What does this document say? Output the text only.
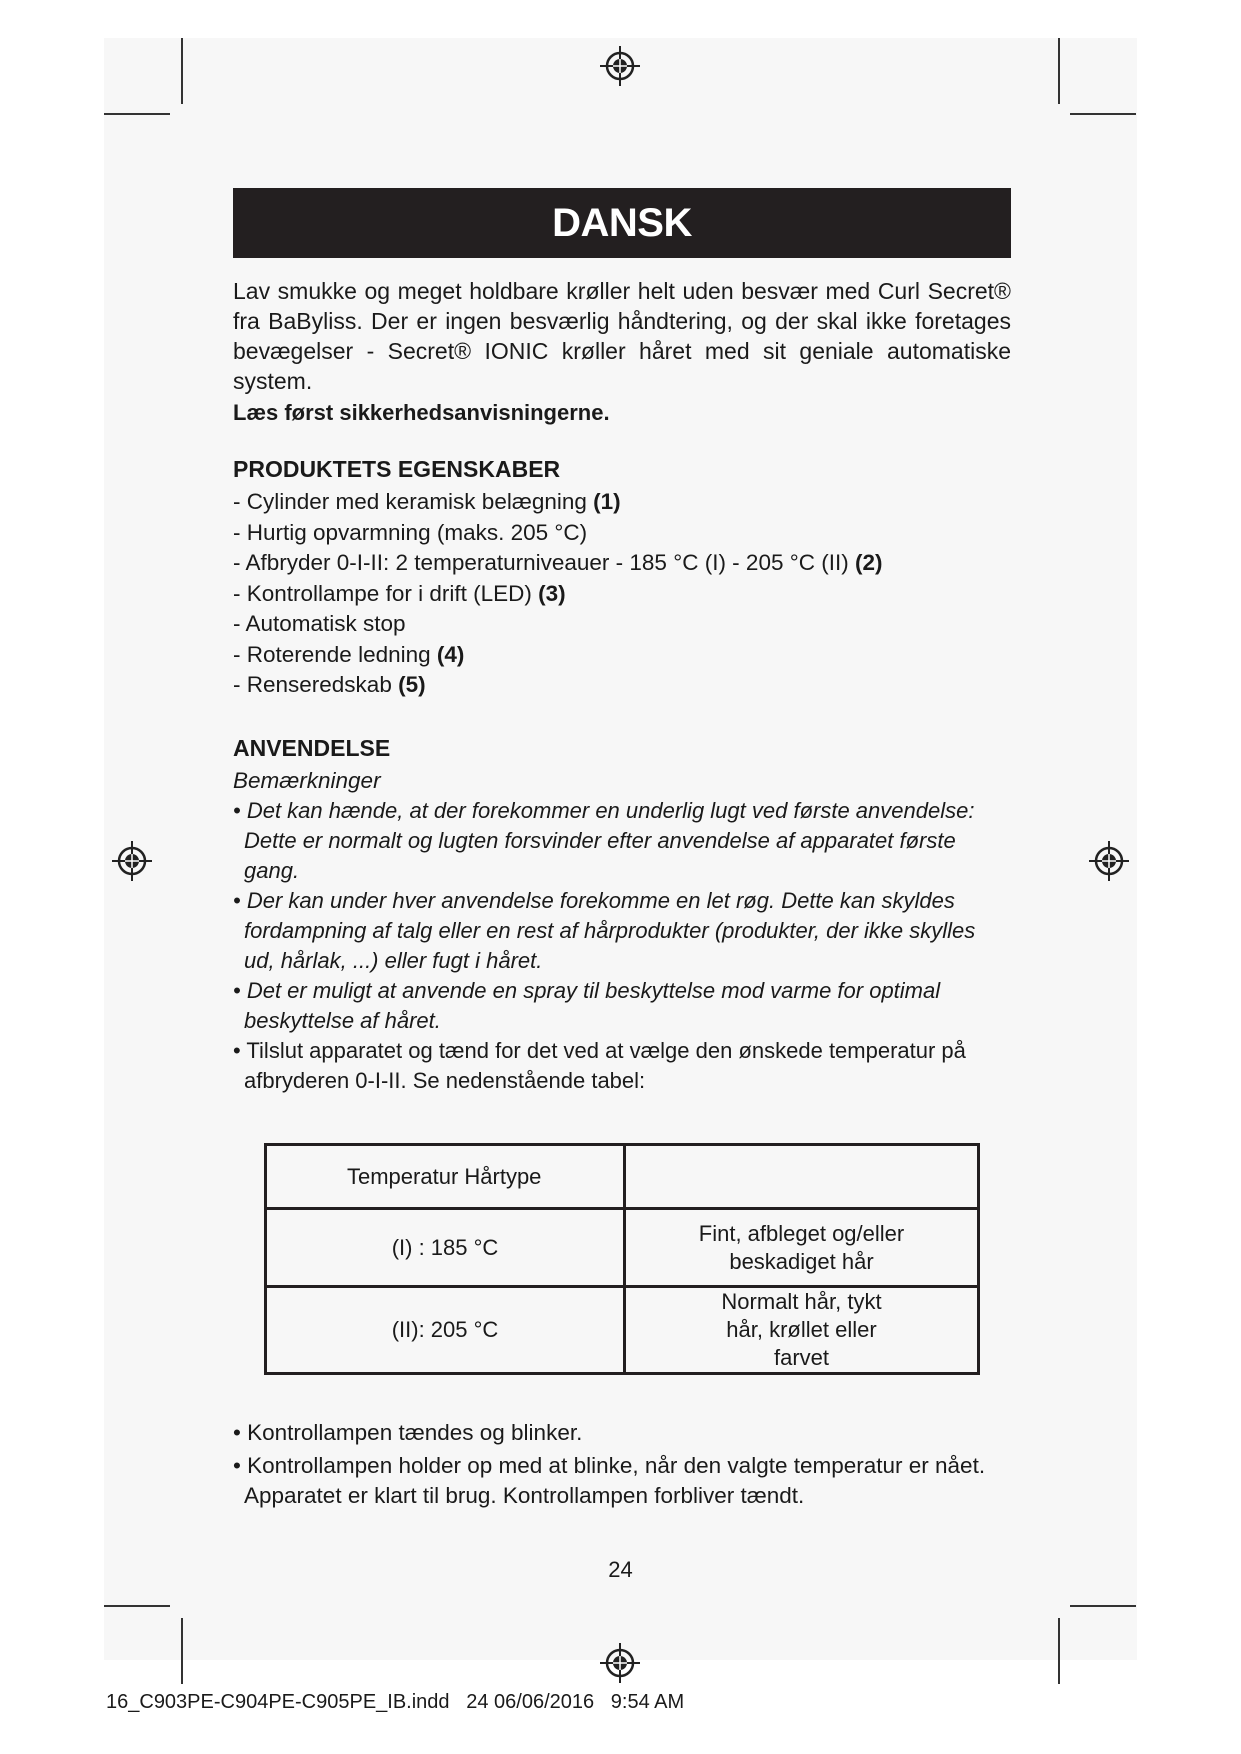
DANSK
Lav smukke og meget holdbare krøller helt uden besvær med Curl Secret® fra BaByliss. Der er ingen besværlig håndtering, og der skal ikke foretages bevægelser - Secret® IONIC krøller håret med sit geniale automatiske system.
Læs først sikkerhedsanvisningerne.
PRODUKTETS EGENSKABER
- Cylinder med keramisk belægning (1)
- Hurtig opvarmning (maks. 205 °C)
- Afbryder 0-I-II: 2 temperaturniveauer - 185 °C (I) - 205 °C (II) (2)
- Kontrollampe for i drift (LED) (3)
- Automatisk stop
- Roterende ledning (4)
- Renseredskab (5)
ANVENDELSE
Bemærkninger
• Det kan hænde, at der forekommer en underlig lugt ved første anvendelse: Dette er normalt og lugten forsvinder efter anvendelse af apparatet første gang.
• Der kan under hver anvendelse forekomme en let røg. Dette kan skyldes fordampning af talg eller en rest af hårprodukter (produkter, der ikke skylles ud, hårlak, ...) eller fugt i håret.
• Det er muligt at anvende en spray til beskyttelse mod varme for optimal beskyttelse af håret.
• Tilslut apparatet og tænd for det ved at vælge den ønskede temperatur på afbryderen 0-I-II. Se nedenstående tabel:
Temperatur Hårtype	
(I) : 185 °C	Fint, afbleget og/eller beskadiget hår
(II): 205 °C	Normalt hår, tykt hår, krøllet eller farvet
• Kontrollampen tændes og blinker.
• Kontrollampen holder op med at blinke, når den valgte temperatur er nået. Apparatet er klart til brug. Kontrollampen forbliver tændt.
24
16_C903PE-C904PE-C905PE_IB.indd   24 06/06/2016   9:54 AM
